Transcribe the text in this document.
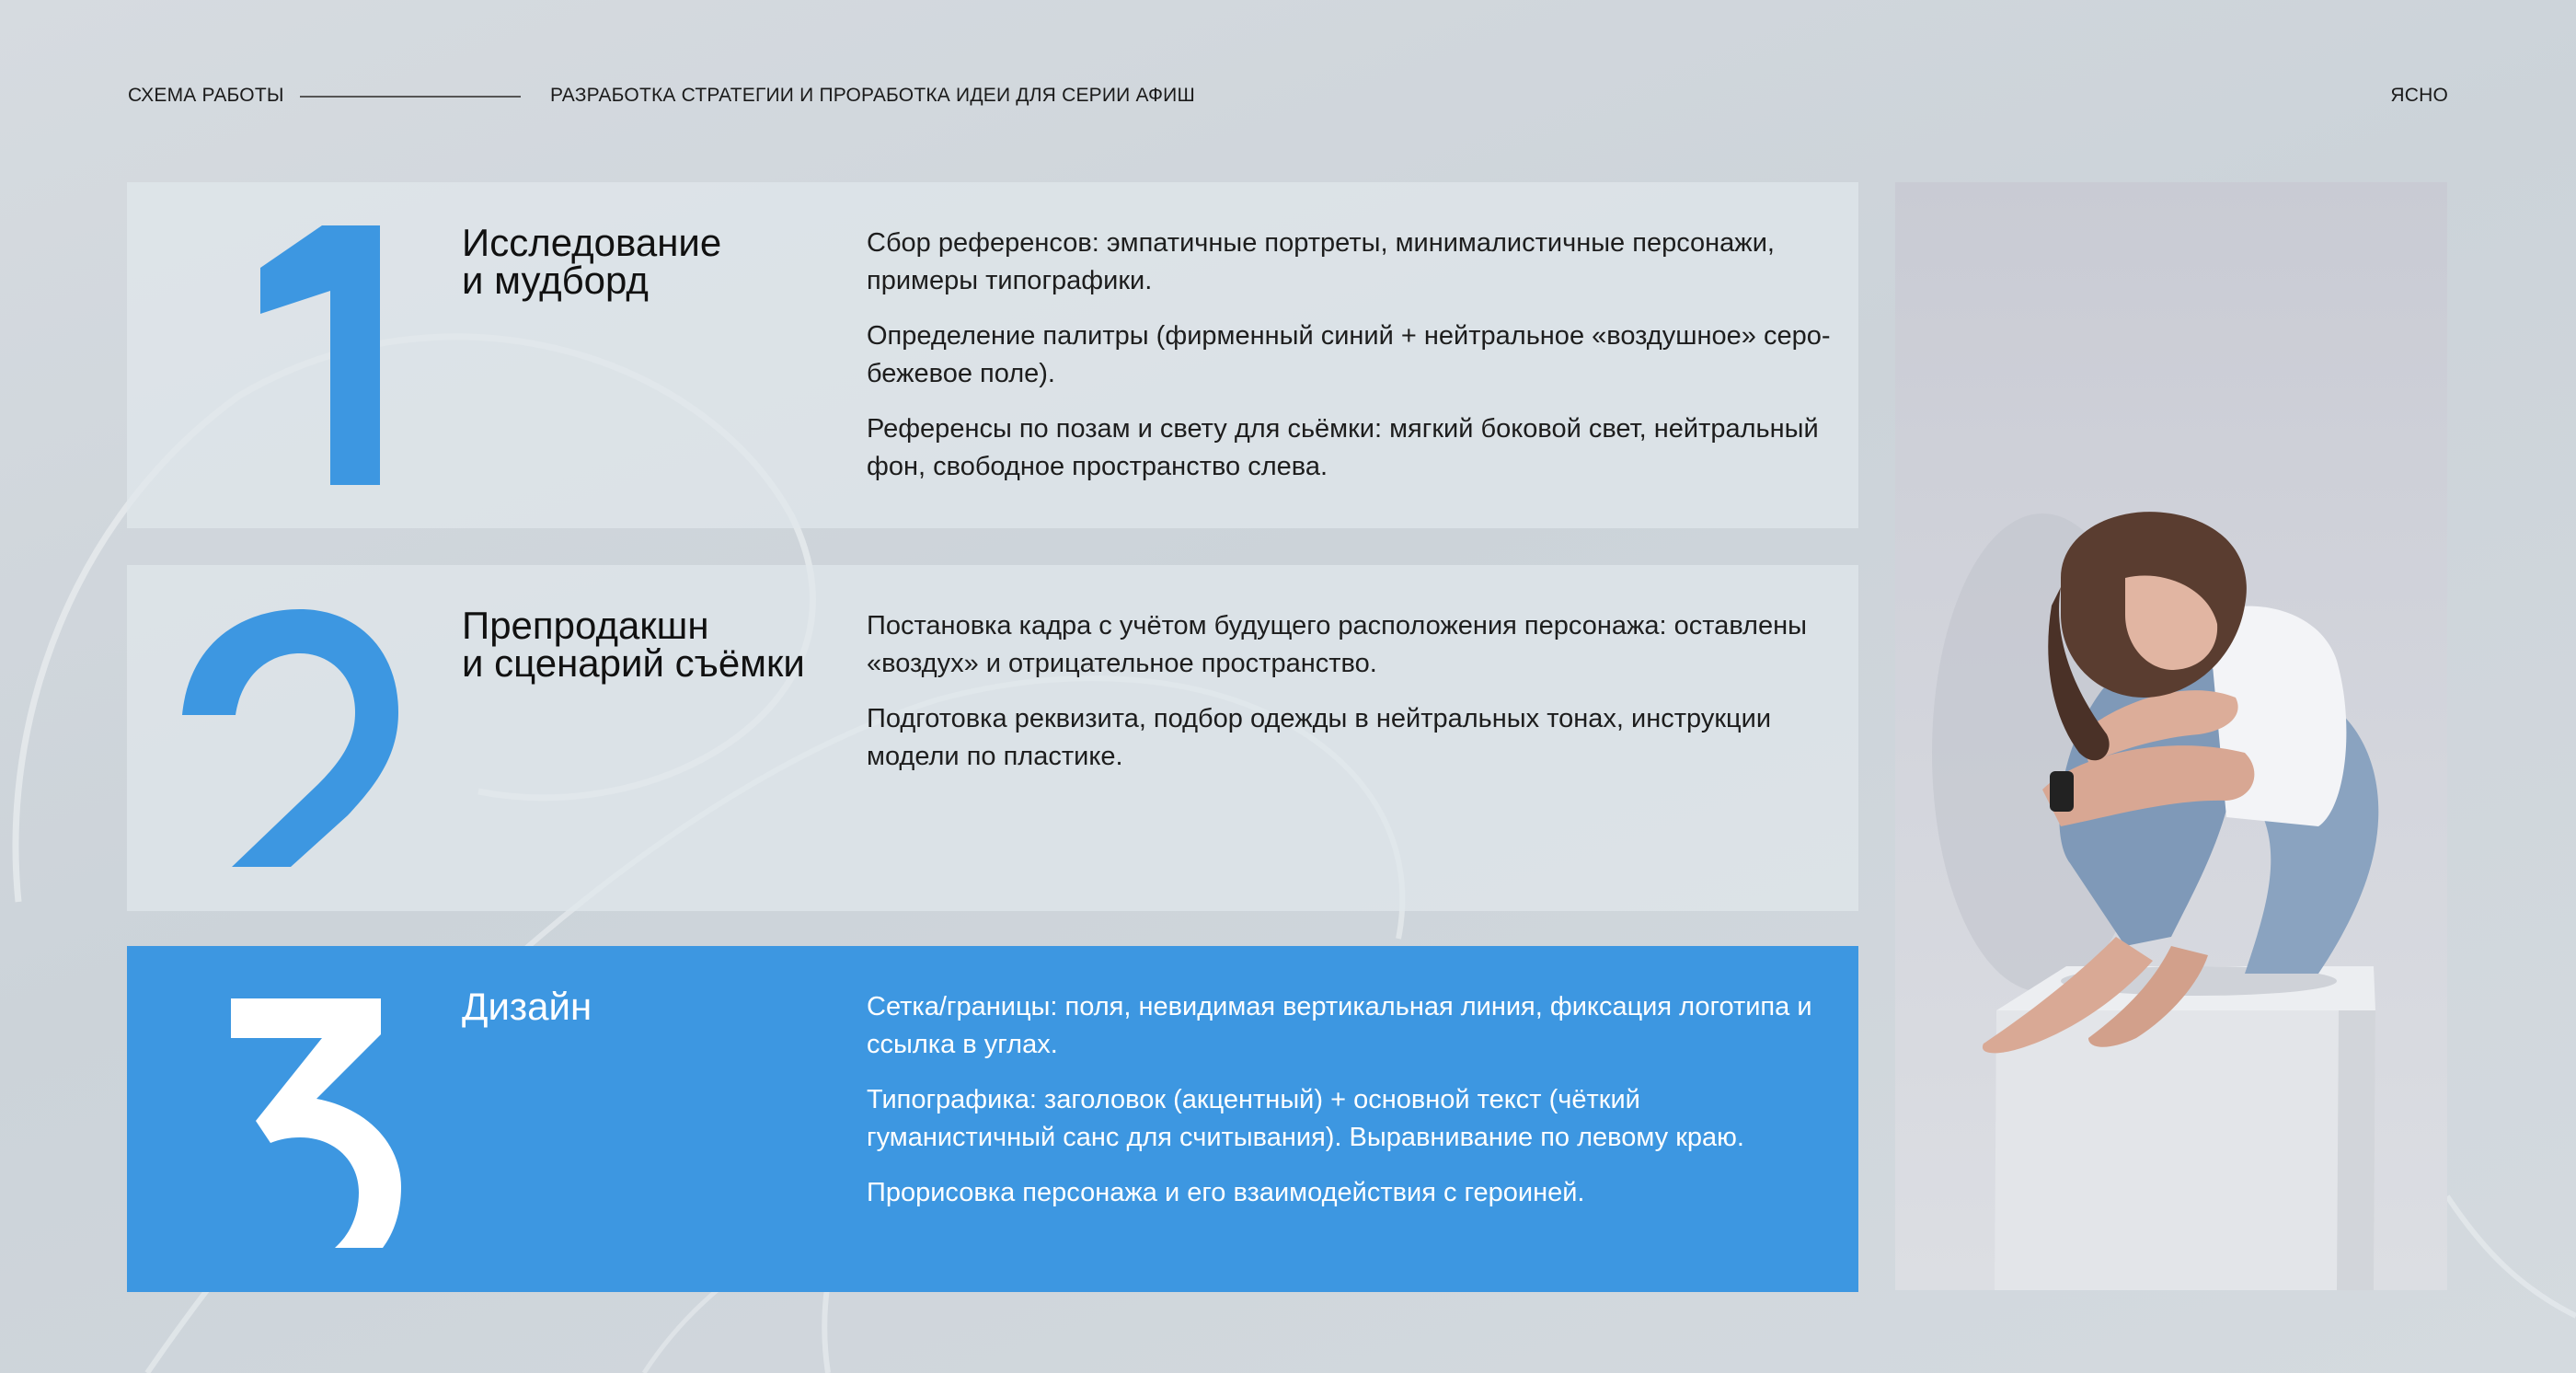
СХЕМА РАБОТЫ	РАЗРАБОТКА СТРАТЕГИИ И ПРОРАБОТКА ИДЕИ ДЛЯ СЕРИИ АФИШ	ЯСНО
Исследование
и мудборд

Сбор референсов: эмпатичные портреты, минималистичные персонажи, примеры типографики.

Определение палитры (фирменный синий + нейтральное «воздушное» серо-бежевое поле).

Референсы по позам и свету для сьёмки: мягкий боковой свет, нейтральный фон, свободное пространство слева.

Препродакшн
и сценарий съёмки

Постановка кадра с учётом будущего расположения персонажа: оставлены «воздух» и отрицательное пространство.

Подготовка реквизита, подбор одежды в нейтральных тонах, инструкции модели по пластике.

Дизайн	Сетка/границы: поля, невидимая вертикальная линия, фиксация логотипа и ссылка в углах.

Типографика: заголовок (акцентный) + основной текст (чёткий гуманистичный санс для считывания). Выравнивание по левому краю.

Прорисовка персонажа и его взаимодействия с героиней.
